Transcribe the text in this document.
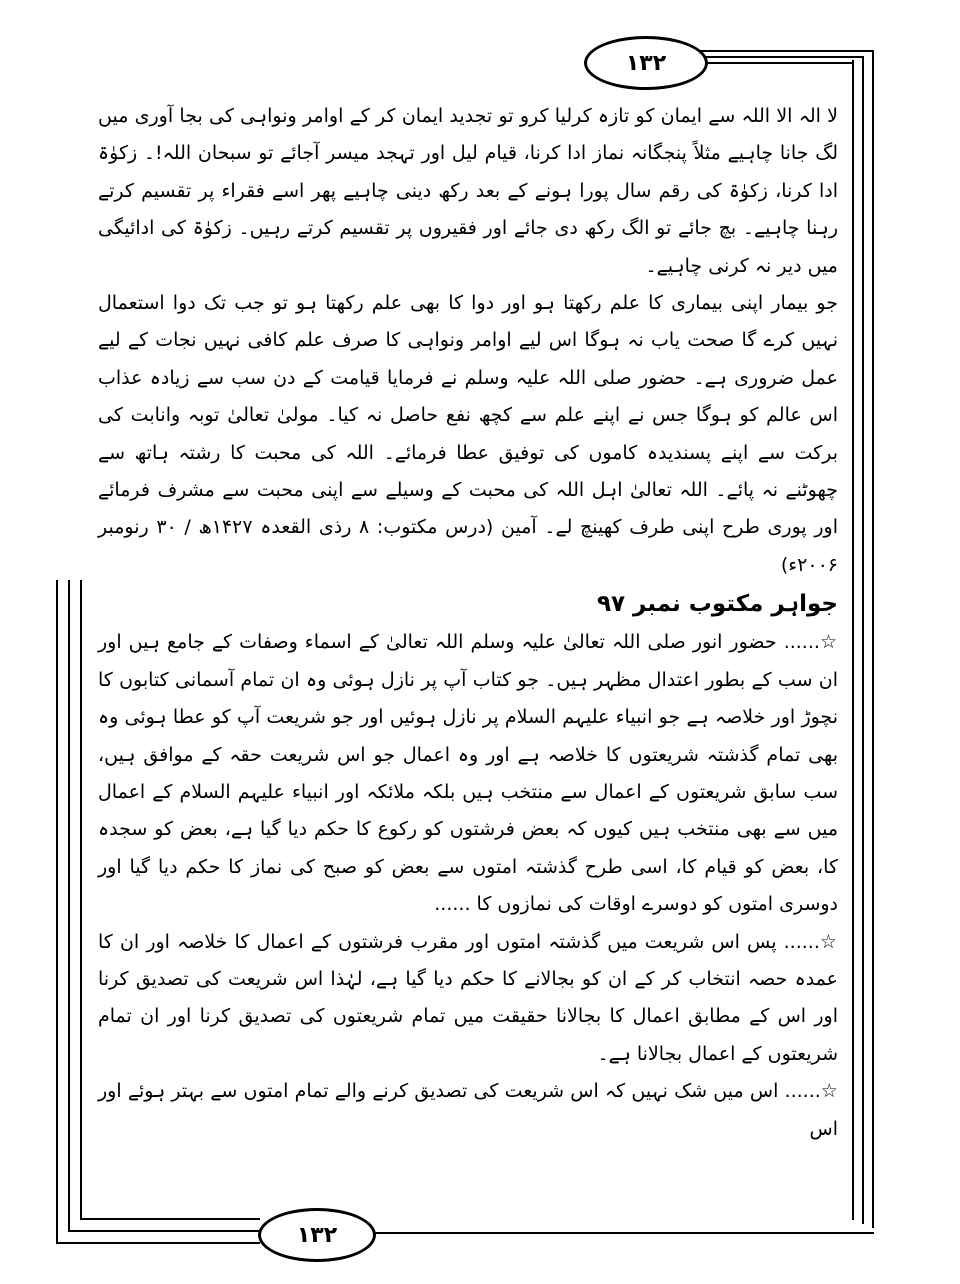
۱۳۲

لا الہ الا اللہ سے ایمان کو تازہ کرلیا کرو تو تجدید ایمان کر کے اوامر ونواہی کی بجا آوری میں لگ جانا چاہیے مثلاً پنجگانہ نماز ادا کرنا، قیام لیل اور تہجد میسر آجائے تو سبحان اللہ!۔ زکوٰۃ ادا کرنا، زکوٰۃ کی رقم سال پورا ہونے کے بعد رکھ دینی چاہیے پھر اسے فقراء پر تقسیم کرتے رہنا چاہیے۔ بچ جائے تو الگ رکھ دی جائے اور فقیروں پر تقسیم کرتے رہیں۔ زکوٰۃ کی ادائیگی میں دیر نہ کرنی چاہیے۔

جو بیمار اپنی بیماری کا علم رکھتا ہو اور دوا کا بھی علم رکھتا ہو تو جب تک دوا استعمال نہیں کرے گا صحت یاب نہ ہوگا اس لیے اوامر ونواہی کا صرف علم کافی نہیں نجات کے لیے عمل ضروری ہے۔ حضور صلی اللہ علیہ وسلم نے فرمایا قیامت کے دن سب سے زیادہ عذاب اس عالم کو ہوگا جس نے اپنے علم سے کچھ نفع حاصل نہ کیا۔ مولیٰ تعالیٰ توبہ وانابت کی برکت سے اپنے پسندیدہ کاموں کی توفیق عطا فرمائے۔ اللہ کی محبت کا رشتہ ہاتھ سے چھوٹنے نہ پائے۔ اللہ تعالیٰ اہل اللہ کی محبت کے وسیلے سے اپنی محبت سے مشرف فرمائے اور پوری طرح اپنی طرف کھینچ لے۔ آمین (درس مکتوب: ۸ رذی القعدہ ۱۴۲۷ھ / ۳۰ رنومبر ۲۰۰۶ء)

جواہر مکتوب نمبر ۹۷

☆...... حضور انور صلی اللہ تعالیٰ علیہ وسلم اللہ تعالیٰ کے اسماء وصفات کے جامع ہیں اور ان سب کے بطور اعتدال مظہر ہیں۔ جو کتاب آپ پر نازل ہوئی وہ ان تمام آسمانی کتابوں کا نچوڑ اور خلاصہ ہے جو انبیاء علیہم السلام پر نازل ہوئیں اور جو شریعت آپ کو عطا ہوئی وہ بھی تمام گذشتہ شریعتوں کا خلاصہ ہے اور وہ اعمال جو اس شریعت حقہ کے موافق ہیں، سب سابق شریعتوں کے اعمال سے منتخب ہیں بلکہ ملائکہ اور انبیاء علیہم السلام کے اعمال میں سے بھی منتخب ہیں کیوں کہ بعض فرشتوں کو رکوع کا حکم دیا گیا ہے، بعض کو سجدہ کا، بعض کو قیام کا، اسی طرح گذشتہ امتوں سے بعض کو صبح کی نماز کا حکم دیا گیا اور دوسری امتوں کو دوسرے اوقات کی نمازوں کا ......

☆...... پس اس شریعت میں گذشتہ امتوں اور مقرب فرشتوں کے اعمال کا خلاصہ اور ان کا عمدہ حصہ انتخاب کر کے ان کو بجالانے کا حکم دیا گیا ہے، لہٰذا اس شریعت کی تصدیق کرنا اور اس کے مطابق اعمال کا بجالانا حقیقت میں تمام شریعتوں کی تصدیق کرنا اور ان تمام شریعتوں کے اعمال بجالانا ہے۔

☆...... اس میں شک نہیں کہ اس شریعت کی تصدیق کرنے والے تمام امتوں سے بہتر ہوئے اور اس

۱۳۲
